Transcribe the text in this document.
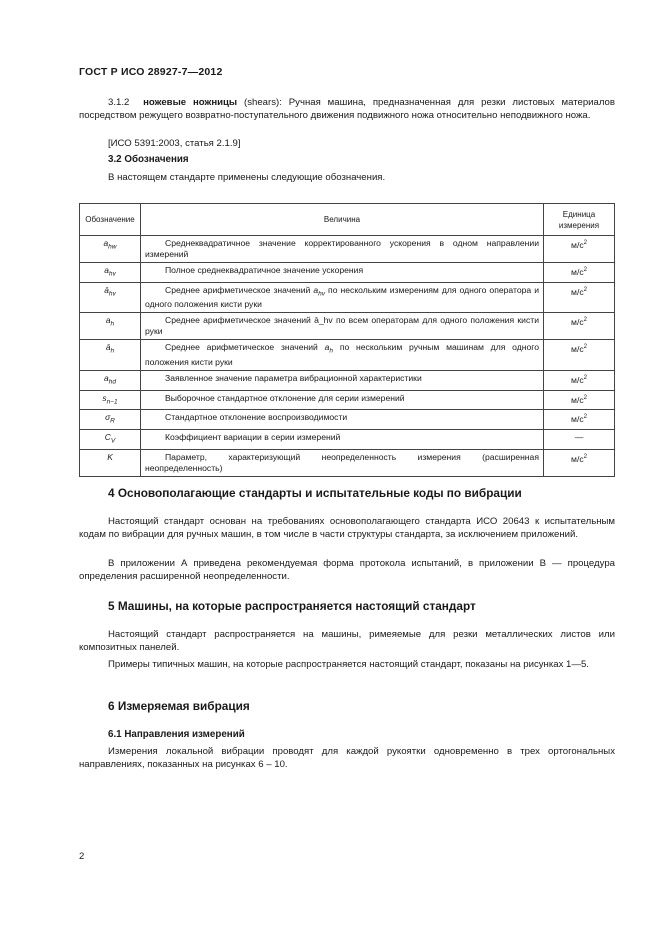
ГОСТ Р ИСО 28927-7—2012
3.1.2 ножевые ножницы (shears): Ручная машина, предназначенная для резки листовых материалов посредством режущего возвратно-поступательного движения подвижного ножа относительно неподвижного ножа.
[ИСО 5391:2003, статья 2.1.9]
3.2 Обозначения
В настоящем стандарте применены следующие обозначения.
Обозначение	Величина	Единица измерения
$a_{hw}$	Среднеквадратичное значение корректированного ускорения в одном направлении измерений	$м/с^2$
$a_{hv}$	Полное среднеквадратичное значение ускорения	$м/с^2$
$ā_{hv}$	Среднее арифметическое значений $a_{hv}$ по нескольким измерениям для одного оператора и одного положения кисти руки	$м/с^2$
$a_h$	Среднее арифметическое значений ā_hv по всем операторам для одного положения кисти руки	$м/с^2$
$ā_h$	Среднее арифметическое значений $a_h$ по нескольким ручным машинам для одного положения кисти руки	$м/с^2$
$a_{hd}$	Заявленное значение параметра вибрационной характеристики	$м/с^2$
$s_{n-1}$	Выборочное стандартное отклонение для серии измерений	$м/с^2$
$\sigma_R$	Стандартное отклонение воспроизводимости	$м/с^2$
$C_V$	Коэффициент вариации в серии измерений	—
K	Параметр, характеризующий неопределенность измерения (расширенная неопределенность)	$м/с^2$
4 Основополагающие стандарты и испытательные коды по вибрации
Настоящий стандарт основан на требованиях основополагающего стандарта ИСО 20643 к испытательным кодам по вибрации для ручных машин, в том числе в части структуры стандарта, за исключением приложений.
В приложении А приведена рекомендуемая форма протокола испытаний, в приложении В — процедура определения расширенной неопределенности.
5 Машины, на которые распространяется настоящий стандарт
Настоящий стандарт распространяется на машины, римеяемые для резки металлических листов или композитных панелей.
Примеры типичных машин, на которые распространяется настоящий стандарт, показаны на рисунках 1—5.
6 Измеряемая вибрация
6.1 Направления измерений
Измерения локальной вибрации проводят для каждой рукоятки одновременно в трех ортогональных направлениях, показанных на рисунках 6 – 10.
2
